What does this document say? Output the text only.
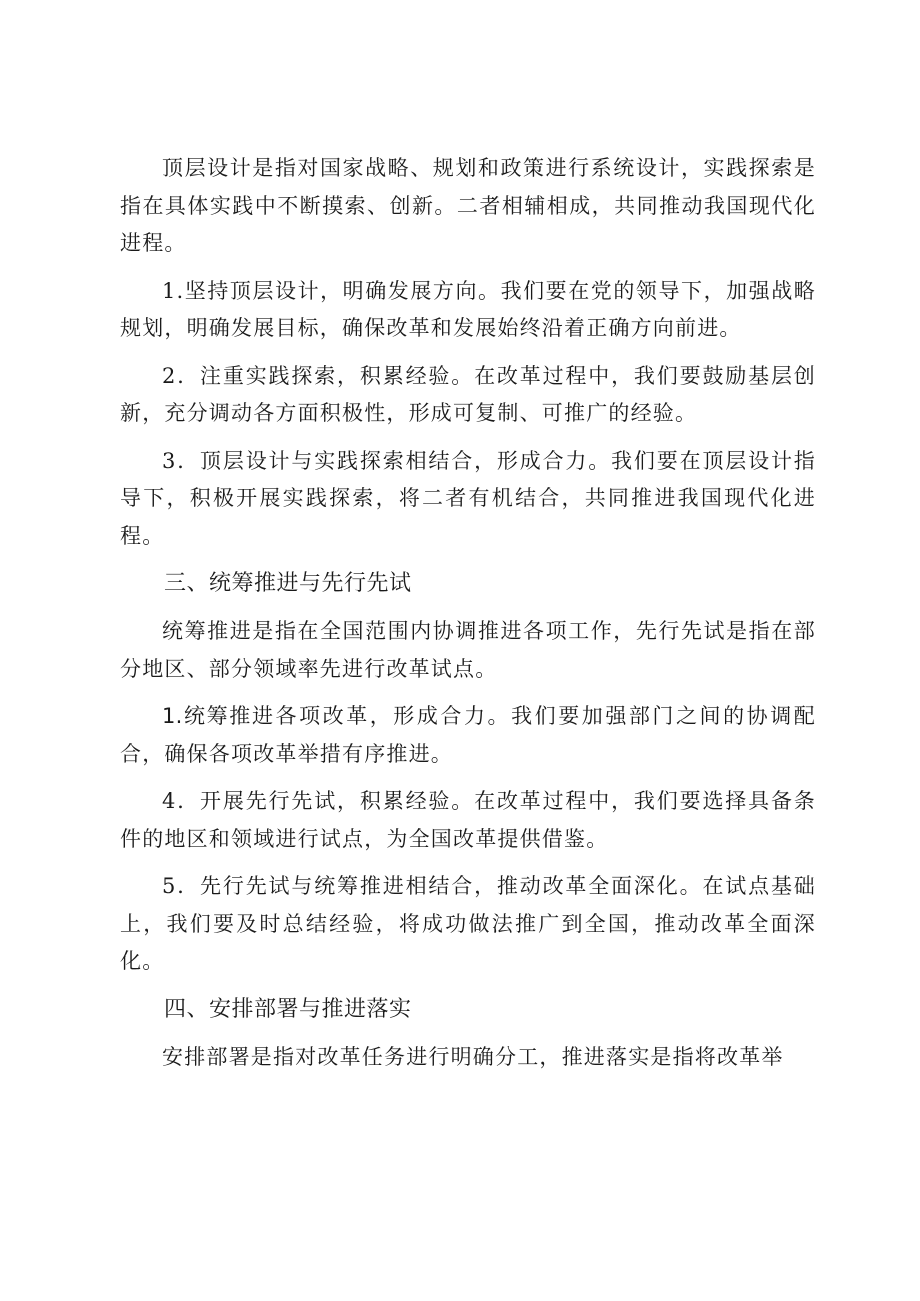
顶层设计是指对国家战略、规划和政策进行系统设计，实践探索是指在具体实践中不断摸索、创新。二者相辅相成，共同推动我国现代化进程。

1.坚持顶层设计，明确发展方向。我们要在党的领导下，加强战略规划，明确发展目标，确保改革和发展始终沿着正确方向前进。

2．注重实践探索，积累经验。在改革过程中，我们要鼓励基层创新，充分调动各方面积极性，形成可复制、可推广的经验。

3．顶层设计与实践探索相结合，形成合力。我们要在顶层设计指导下，积极开展实践探索，将二者有机结合，共同推进我国现代化进程。

三、统筹推进与先行先试

统筹推进是指在全国范围内协调推进各项工作，先行先试是指在部分地区、部分领域率先进行改革试点。

1.统筹推进各项改革，形成合力。我们要加强部门之间的协调配合，确保各项改革举措有序推进。

4．开展先行先试，积累经验。在改革过程中，我们要选择具备条件的地区和领域进行试点，为全国改革提供借鉴。

5．先行先试与统筹推进相结合，推动改革全面深化。在试点基础上，我们要及时总结经验，将成功做法推广到全国，推动改革全面深化。

四、安排部署与推进落实

安排部署是指对改革任务进行明确分工，推进落实是指将改革举
